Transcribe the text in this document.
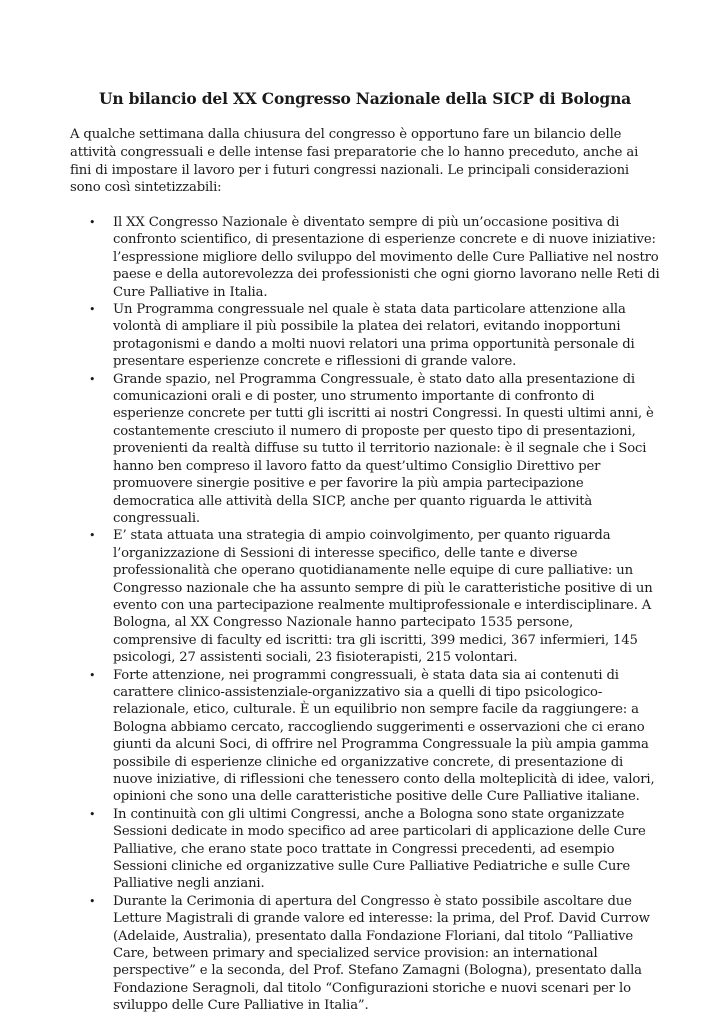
Un bilancio del XX Congresso Nazionale della SICP di Bologna

A qualche settimana dalla chiusura del congresso è opportuno fare un bilancio delle attività congressuali e delle intense fasi preparatorie che lo hanno preceduto, anche ai fini di impostare il lavoro per i futuri congressi nazionali. Le principali considerazioni sono così sintetizzabili:

• Il XX Congresso Nazionale è diventato sempre di più un’occasione positiva di confronto scientifico, di presentazione di esperienze concrete e di nuove iniziative: l’espressione migliore dello sviluppo del movimento delle Cure Palliative nel nostro paese e della autorevolezza dei professionisti che ogni giorno lavorano nelle Reti di Cure Palliative in Italia.
• Un Programma congressuale nel quale è stata data particolare attenzione alla volontà di ampliare il più possibile la platea dei relatori, evitando inopportuni protagonismi e dando a molti nuovi relatori una prima opportunità personale di presentare esperienze concrete e riflessioni di grande valore.
• Grande spazio, nel Programma Congressuale, è stato dato alla presentazione di comunicazioni orali e di poster, uno strumento importante di confronto di esperienze concrete per tutti gli iscritti ai nostri Congressi. In questi ultimi anni, è costantemente cresciuto il numero di proposte per questo tipo di presentazioni, provenienti da realtà diffuse su tutto il territorio nazionale: è il segnale che i Soci hanno ben compreso il lavoro fatto da quest’ultimo Consiglio Direttivo per promuovere sinergie positive e per favorire la più ampia partecipazione democratica alle attività della SICP, anche per quanto riguarda le attività congressuali.
• E’ stata attuata una strategia di ampio coinvolgimento, per quanto riguarda l’organizzazione di Sessioni di interesse specifico, delle tante e diverse professionalità che operano quotidianamente nelle equipe di cure palliative: un Congresso nazionale che ha assunto sempre di più le caratteristiche positive di un evento con una partecipazione realmente multiprofessionale e interdisciplinare. A Bologna, al XX Congresso Nazionale hanno partecipato 1535 persone, comprensive di faculty ed iscritti: tra gli iscritti, 399 medici, 367 infermieri, 145 psicologi, 27 assistenti sociali, 23 fisioterapisti, 215 volontari.
• Forte attenzione, nei programmi congressuali, è stata data sia ai contenuti di carattere clinico-assistenziale-organizzativo sia a quelli di tipo psicologico-relazionale, etico, culturale. È un equilibrio non sempre facile da raggiungere: a Bologna abbiamo cercato, raccogliendo suggerimenti e osservazioni che ci erano giunti da alcuni Soci, di offrire nel Programma Congressuale la più ampia gamma possibile di esperienze cliniche ed organizzative concrete, di presentazione di nuove iniziative, di riflessioni che tenessero conto della molteplicità di idee, valori, opinioni che sono una delle caratteristiche positive delle Cure Palliative italiane.
• In continuità con gli ultimi Congressi, anche a Bologna sono state organizzate Sessioni dedicate in modo specifico ad aree particolari di applicazione delle Cure Palliative, che erano state poco trattate in Congressi precedenti, ad esempio Sessioni cliniche ed organizzative sulle Cure Palliative Pediatriche e sulle Cure Palliative negli anziani.
• Durante la Cerimonia di apertura del Congresso è stato possibile ascoltare due Letture Magistrali di grande valore ed interesse: la prima, del Prof. David Currow (Adelaide, Australia), presentato dalla Fondazione Floriani, dal titolo “Palliative Care, between primary and specialized service provision: an international perspective” e la seconda, del Prof. Stefano Zamagni (Bologna), presentato dalla Fondazione Seragnoli, dal titolo “Configurazioni storiche e nuovi scenari per lo sviluppo delle Cure Palliative in Italia”.
